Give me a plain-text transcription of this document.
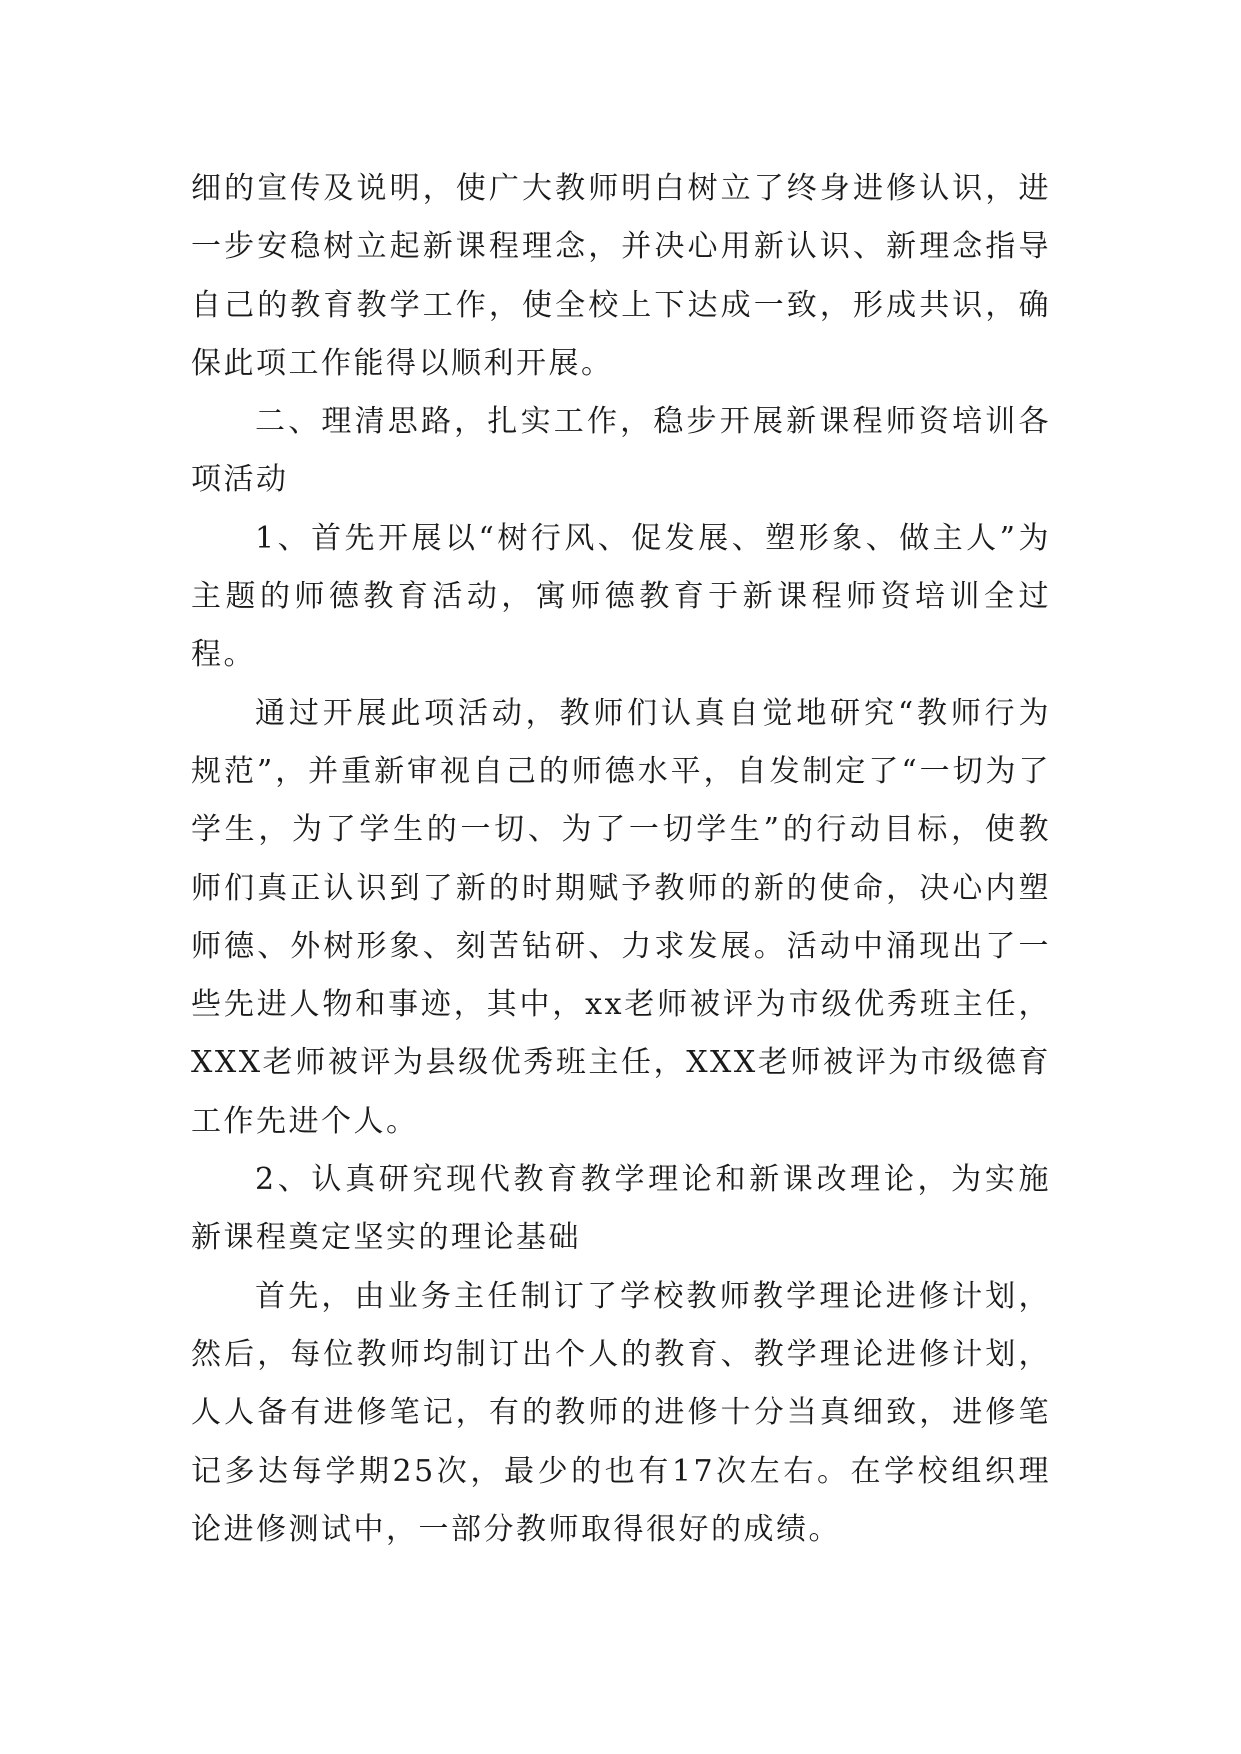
细的宣传及说明，使广大教师明白树立了终身进修认识，进一步安稳树立起新课程理念，并决心用新认识、新理念指导自己的教育教学工作，使全校上下达成一致，形成共识，确保此项工作能得以顺利开展。

二、理清思路，扎实工作，稳步开展新课程师资培训各项活动

1、首先开展以“树行风、促发展、塑形象、做主人”为主题的师德教育活动，寓师德教育于新课程师资培训全过程。

通过开展此项活动，教师们认真自觉地研究“教师行为规范”，并重新审视自己的师德水平，自发制定了“一切为了学生，为了学生的一切、为了一切学生”的行动目标，使教师们真正认识到了新的时期赋予教师的新的使命，决心内塑师德、外树形象、刻苦钻研、力求发展。活动中涌现出了一些先进人物和事迹，其中，xx老师被评为市级优秀班主任，XXX老师被评为县级优秀班主任，XXX老师被评为市级德育工作先进个人。

2、认真研究现代教育教学理论和新课改理论，为实施新课程奠定坚实的理论基础

首先，由业务主任制订了学校教师教学理论进修计划，然后，每位教师均制订出个人的教育、教学理论进修计划，人人备有进修笔记，有的教师的进修十分当真细致，进修笔记多达每学期25次，最少的也有17次左右。在学校组织理论进修测试中，一部分教师取得很好的成绩。
